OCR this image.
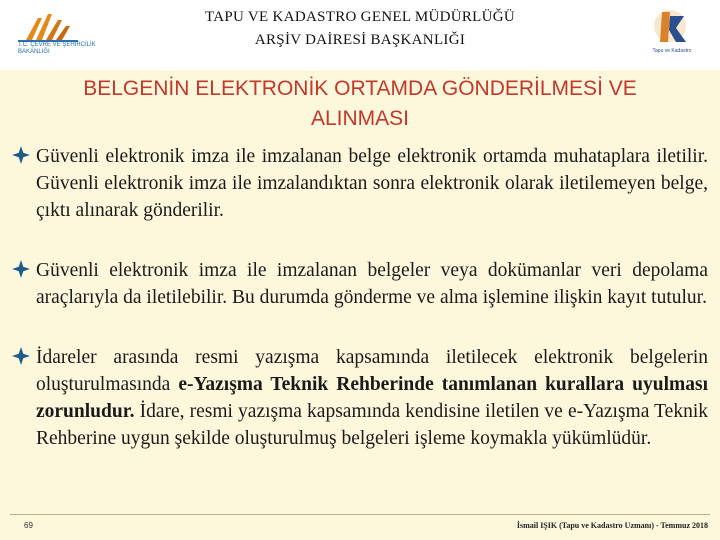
T.C. ÇEVRE VE ŞEHİRCİLİK BAKANLIĞI
TAPU VE KADASTRO GENEL MÜDÜRLÜĞÜ
ARŞİV DAİRESİ BAŞKANLIĞI
Tapu ve Kadastro
BELGENİN ELEKTRONİK ORTAMDA GÖNDERİLMESİ VE ALINMASI
Güvenli elektronik imza ile imzalanan belge elektronik ortamda muhataplara iletilir. Güvenli elektronik imza ile imzalandıktan sonra elektronik olarak iletilemeyen belge, çıktı alınarak gönderilir.
Güvenli elektronik imza ile imzalanan belgeler veya dokümanlar veri depolama araçlarıyla da iletilebilir. Bu durumda gönderme ve alma işlemine ilişkin kayıt tutulur.
İdareler arasında resmi yazışma kapsamında iletilecek elektronik belgelerin oluşturulmasında e-Yazışma Teknik Rehberinde tanımlanan kurallara uyulması zorunludur. İdare, resmi yazışma kapsamında kendisine iletilen ve e-Yazışma Teknik Rehberine uygun şekilde oluşturulmuş belgeleri işleme koymakla yükümlüdür.
69	İsmail IŞIK (Tapu ve Kadastro Uzmanı) - Temmuz 2018
